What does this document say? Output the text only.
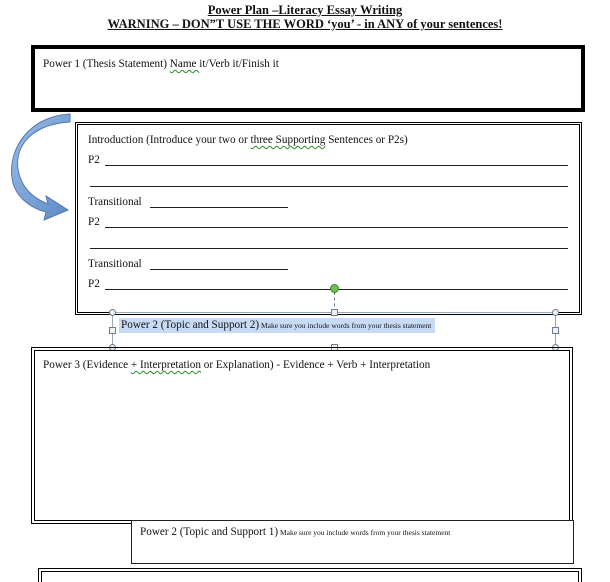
Power Plan –Literacy Essay Writing
WARNING – DON”T USE THE WORD ‘you’ - in ANY of your sentences!
Power 1 (Thesis Statement) Name it/Verb it/Finish it
Introduction (Introduce your two or three Supporting Sentences or P2s)
P2
Transitional
P2
Transitional
P2
Power 2 (Topic and Support 2) Make sure you include words from your thesis statement
Power 3 (Evidence + Interpretation or Explanation) - Evidence + Verb + Interpretation
Power 2 (Topic and Support 1) Make sure you include words from your thesis statement
